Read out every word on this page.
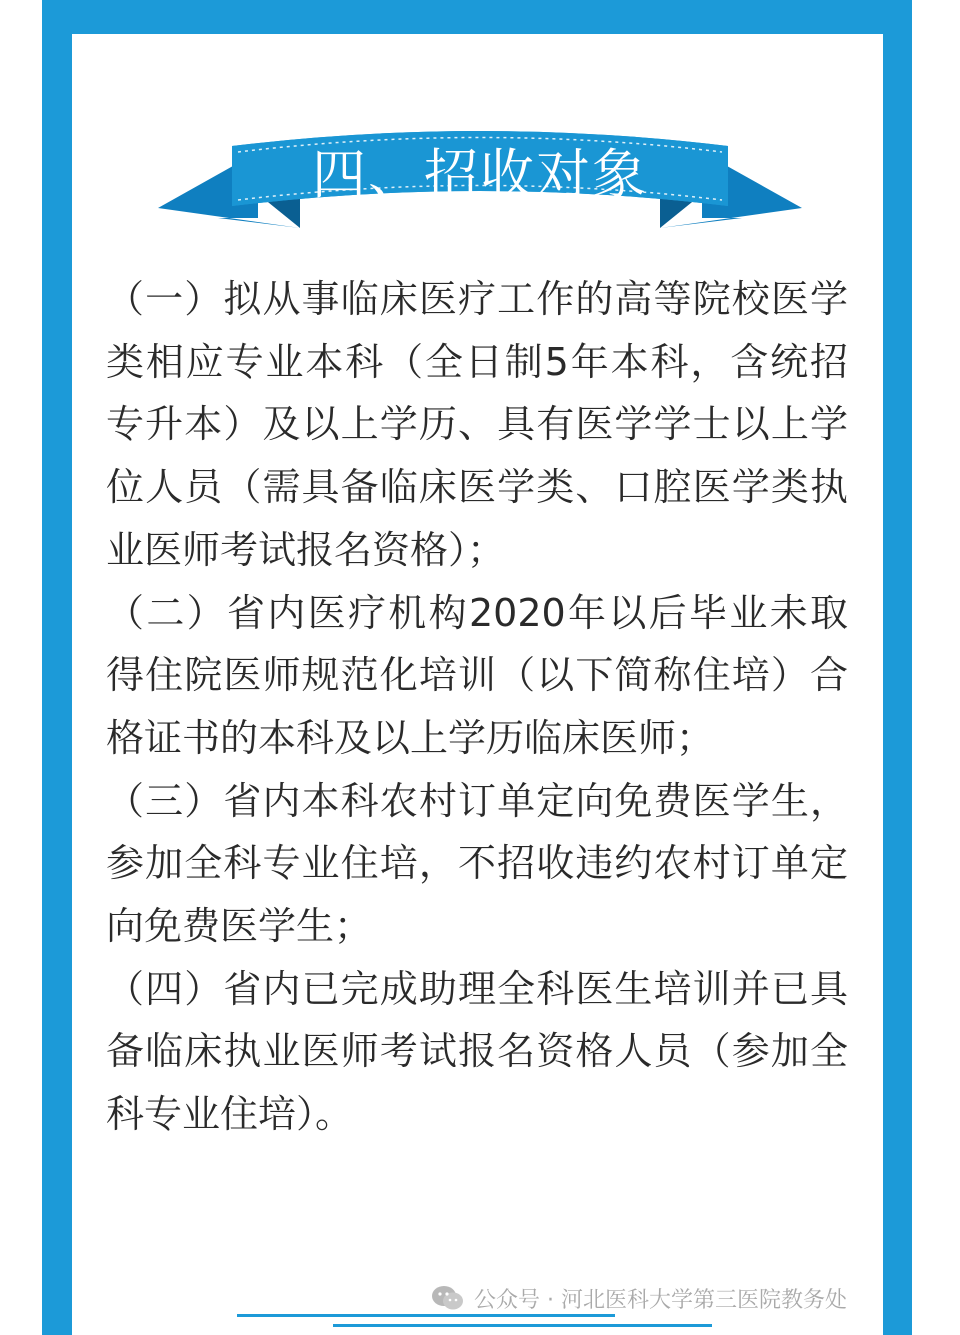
四、招收对象

（一）拟从事临床医疗工作的高等院校医学类相应专业本科（全日制5年本科，含统招专升本）及以上学历、具有医学学士以上学位人员（需具备临床医学类、口腔医学类执业医师考试报名资格）；

（二）省内医疗机构2020年以后毕业未取得住院医师规范化培训（以下简称住培）合格证书的本科及以上学历临床医师；

（三）省内本科农村订单定向免费医学生，参加全科专业住培，不招收违约农村订单定向免费医学生；

（四）省内已完成助理全科医生培训并已具备临床执业医师考试报名资格人员（参加全科专业住培）。

公众号 · 河北医科大学第三医院教务处
